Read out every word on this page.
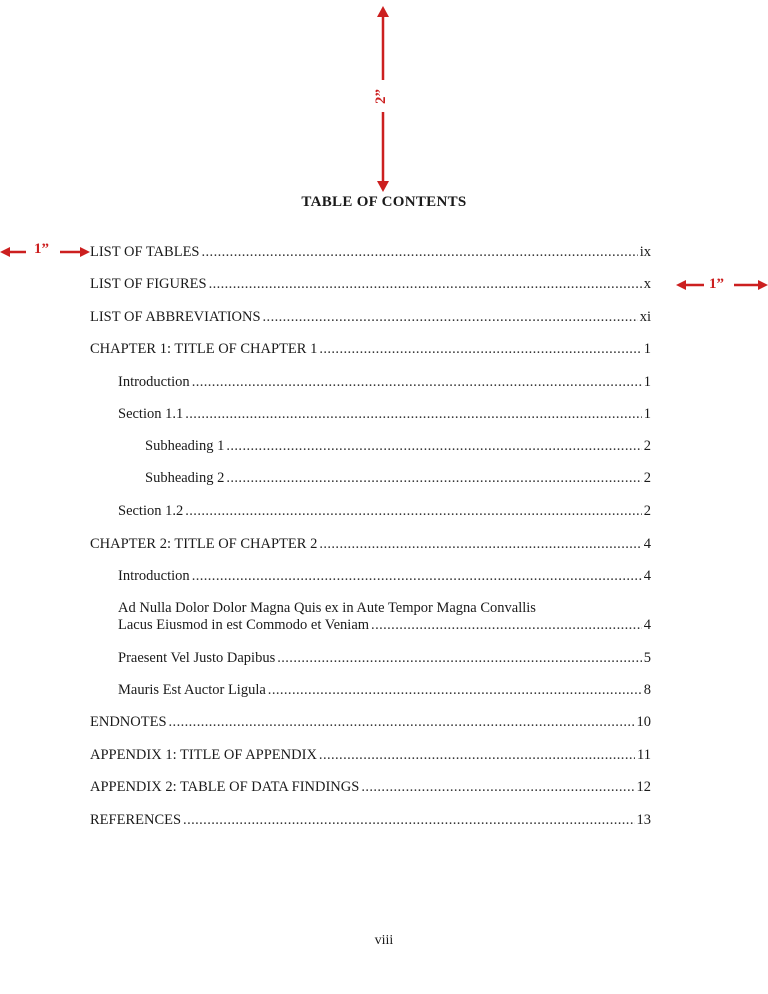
2”
1”
1”
TABLE OF CONTENTS
LIST OF TABLES .....	ix
LIST OF FIGURES .....	x
LIST OF ABBREVIATIONS .....	xi
CHAPTER 1: TITLE OF CHAPTER 1 .....	1
Introduction .....	1
Section 1.1 .....	1
Subheading 1 .....	2
Subheading 2 .....	2
Section 1.2 .....	2
CHAPTER 2: TITLE OF CHAPTER 2 .....	4
Introduction .....	4
Ad Nulla Dolor Dolor Magna Quis ex in Aute Tempor Magna Convallis
Lacus Eiusmod in est Commodo et Veniam .....	4
Praesent Vel Justo Dapibus .....	5
Mauris Est Auctor Ligula .....	8
ENDNOTES .....	10
APPENDIX 1: TITLE OF APPENDIX .....	11
APPENDIX 2: TABLE OF DATA FINDINGS .....	12
REFERENCES .....	13
viii
